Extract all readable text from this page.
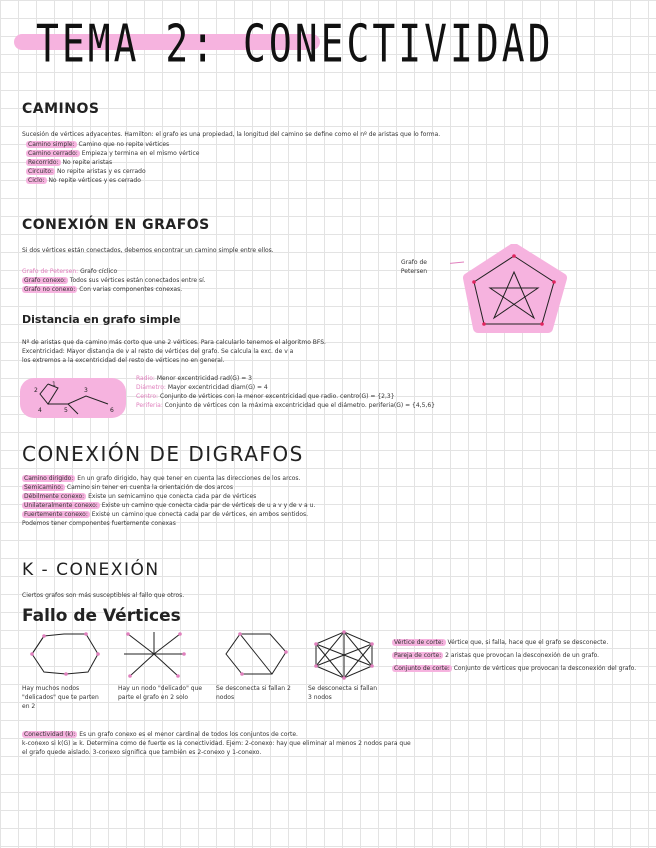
TEMA 2: CONECTIVIDAD
CAMINOS
Sucesión de vértices adyacentes. Hamilton: el grafo es una propiedad, la longitud del camino se define como el nº de aristas que lo forma.
Camino simple: Camino que no repite vértices
Camino cerrado: Empieza y termina en el mismo vértice
Recorrido: No repite aristas
Circuito: No repite aristas y es cerrado
Ciclo: No repite vértices y es cerrado
CONEXIÓN EN GRAFOS
Si dos vértices están conectados, debemos encontrar un camino simple entre ellos.
Grafo de Petersen: Grafo cíclico
Grafo conexo: Todos sus vértices están conectados entre sí.
Grafo no conexo: Con varias componentes conexas.
Grafo de Petersen
Distancia en grafo simple
Nº de aristas que da camino más corto que une 2 vértices. Para calcularlo tenemos el algoritmo BFS.
Excentricidad: Mayor distancia de v al resto de vértices del grafo. Se calcula la exc. de v a
los extremos a la excentricidad del resto de vértices no en general.
2
1
4	5
3
6
Radio: Menor excentricidad rad(G) = 3
Diámetro: Mayor excentricidad diam(G) = 4
Centro: Conjunto de vértices con la menor excentricidad que radio. centro(G) = {2,3}
Periferia: Conjunto de vértices con la máxima excentricidad que el diámetro. periferia(G) = {4,5,6}
CONEXIÓN DE DIGRAFOS
Camino dirigido: En un grafo dirigido, hay que tener en cuenta las direcciones de los arcos.
Semicamino: Camino sin tener en cuenta la orientación de dos arcos
Débilmente conexo: Existe un semicamino que conecta cada par de vértices
Unilateralmente conexo: Existe un camino que conecta cada par de vértices de u a v y de v a u.
Fuertemente conexo: Existe un camino que conecta cada par de vértices, en ambos sentidos.
Podemos tener componentes fuertemente conexas
K - CONEXIÓN
Ciertos grafos son más susceptibles al fallo que otros.
Fallo de Vértices
Hay muchos nodos "delicados" que te parten en 2
Hay un nodo "delicado" que parte el grafo en 2 solo
Se desconecta si fallan 2 nodos
Se desconecta si fallan 3 nodos
Vértice de corte: Vértice que, si falla, hace que el grafo se desconecte.
Pareja de corte: 2 aristas que provocan la desconexión de un grafo.
Conjunto de corte: Conjunto de vértices que provocan la desconexión del grafo.
Conectividad (k): Es un grafo conexo es el menor cardinal de todos los conjuntos de corte.
k-conexo si k(G) ≥ k. Determina como de fuerte es la conectividad. Ejem: 2-conexo: hay que eliminar al menos 2 nodos para que
el grafo quede aislado. 3-conexo significa que también es 2-conexo y 1-conexo.
